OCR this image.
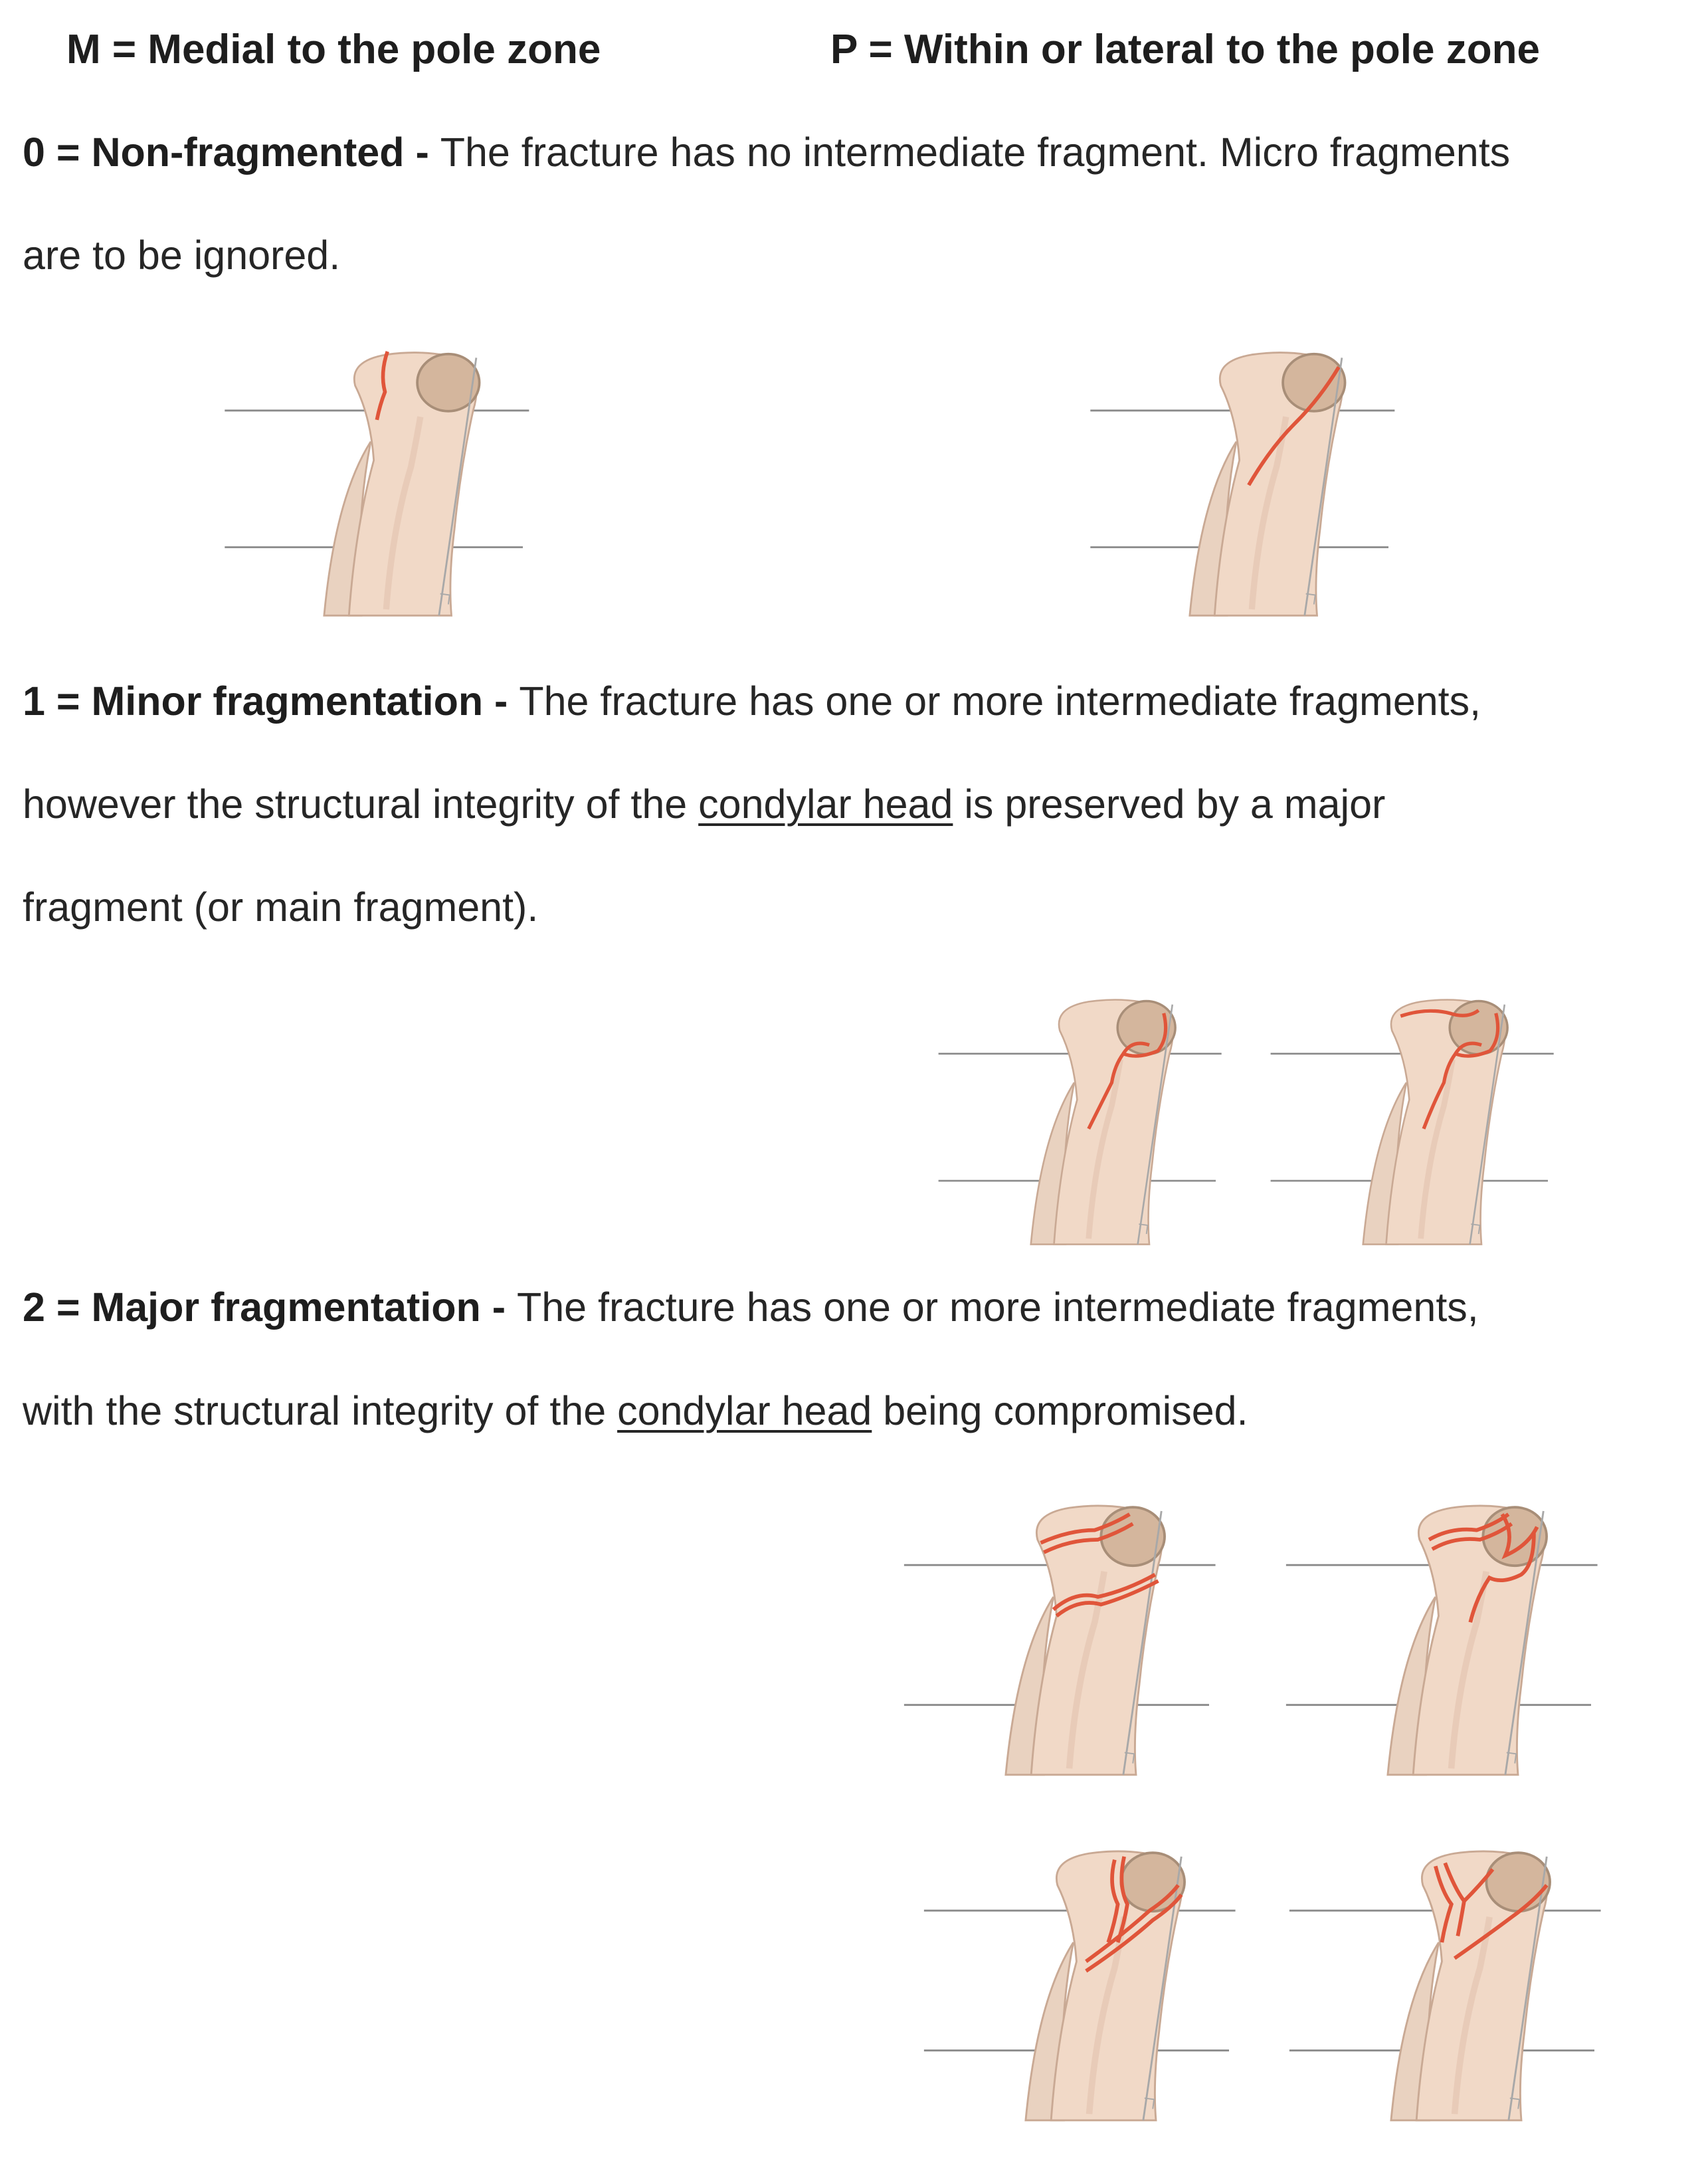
M = Medial to the pole zone	P = Within or lateral to the pole zone
0 = Non-fragmented - The fracture has no intermediate fragment. Micro fragments
are to be ignored.
1 = Minor fragmentation - The fracture has one or more intermediate fragments,
however the structural integrity of the condylar head is preserved by a major
fragment (or main fragment).
2 = Major fragmentation - The fracture has one or more intermediate fragments,
with the structural integrity of the condylar head being compromised.
